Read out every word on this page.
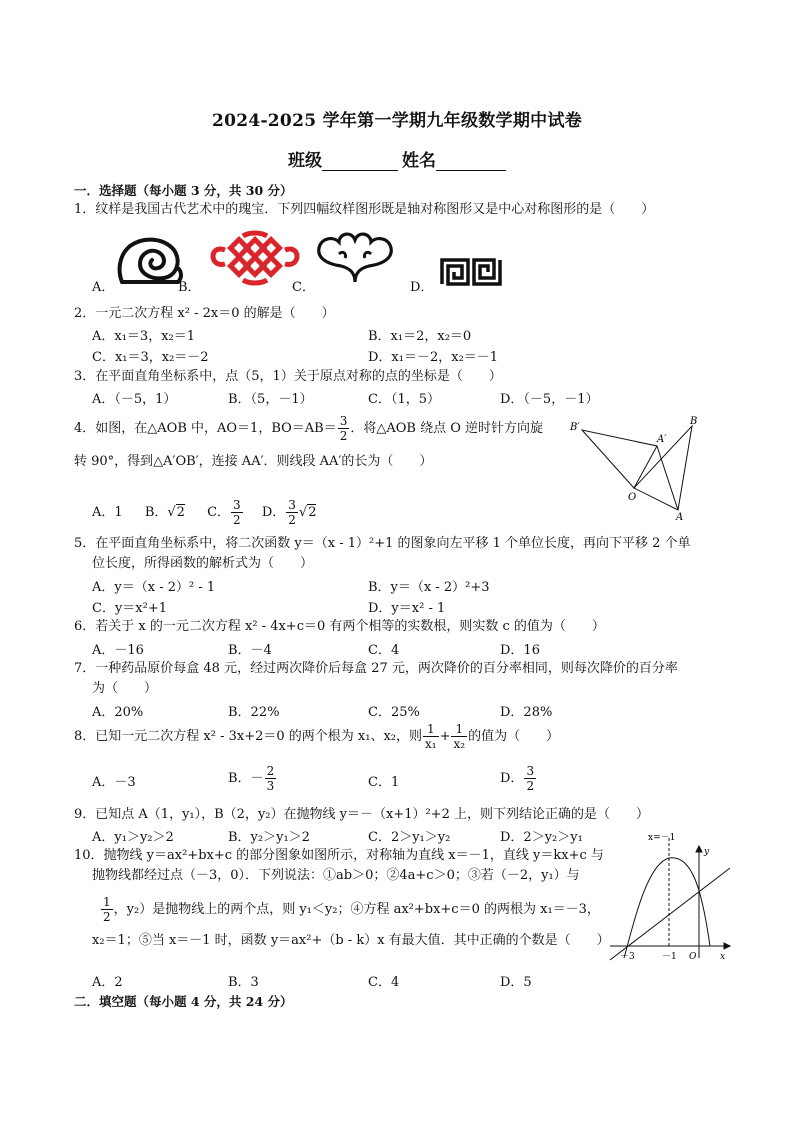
2024-2025 学年第一学期九年级数学期中试卷
班级	姓名
一．选择题（每小题 3 分，共 30 分）
1．纹样是我国古代艺术中的瑰宝．下列四幅纹样图形既是轴对称图形又是中心对称图形的是（　　）
A．	B．	C．	D．
2．一元二次方程 x² - 2x＝0 的解是（　　）
A．x₁＝3，x₂＝1	B．x₁＝2，x₂＝0
C．x₁＝3，x₂＝－2	D．x₁＝－2，x₂＝－1
3．在平面直角坐标系中，点（5，1）关于原点对称的点的坐标是（　　）
A．（－5，1）	B．（5，－1）	C．（1，5）	D．（－5，－1）
4．如图，在△AOB 中，AO＝1，$BO=AB= \frac{3}{2}$ ．将△AOB 绕点 O 逆时针方向旋
转 90°，得到△A′OB′，连接 AA′．则线段 AA′的长为（　　）
A．1 B．√2 C． $\frac{3}{2}$ D． $\frac{3}{2} √2$
B′
A′
B
O
A
5．在平面直角坐标系中，将二次函数 y＝（x - 1）²+1 的图象向左平移 1 个单位长度，再向下平移 2 个单
位长度，所得函数的解析式为（　　）
A．y＝（x - 2）² - 1	B．y＝（x - 2）²+3
C．y＝x²+1	D．y＝x² - 1
6．若关于 x 的一元二次方程 x² - 4x+c＝0 有两个相等的实数根，则实数 c 的值为（　　）
A．－16	B．－4	C．4	D．16
7．一种药品原价每盒 48 元，经过两次降价后每盒 27 元，两次降价的百分率相同，则每次降价的百分率
为（　　）
A．20%	B．22%	C．25%	D．28%
8．已知一元二次方程 x² - 3x+2＝0 的两个根为 x₁、x₂，则 $\frac{1}{\text{x₁}} + \frac{1}{\text{x₂}}$ 的值为（　　）
A．－3	B．－ $\frac{2}{3}$	C．1	D． $\frac{3}{2}$
9．已知点 A（1，y₁），B（2，y₂）在抛物线 y＝－（x+1）²+2 上，则下列结论正确的是（　　）
A．y₁＞y₂＞2	B．y₂＞y₁＞2	C．2＞y₁＞y₂	D．2＞y₂＞y₁
10．抛物线 y＝ax²+bx+c 的部分图象如图所示，对称轴为直线 x＝－1，直线 y＝kx+c 与
抛物线都经过点（－3，0）．下列说法：①ab＞0；②4a+c＞0；③若（－2，y₁）与
$\frac{1}{2}$ ，y₂）是抛物线上的两个点，则 y₁＜y₂；④方程 ax²+bx+c＝0 的两根为 x₁＝－3，
x₂＝1；⑤当 x＝－1 时，函数 y＝ax²+（b - k）x 有最大值．其中正确的个数是（　　）
A．2	B．3	C．4	D．5
x=－1
y
x
－3	－1 O
二．填空题（每小题 4 分，共 24 分）
